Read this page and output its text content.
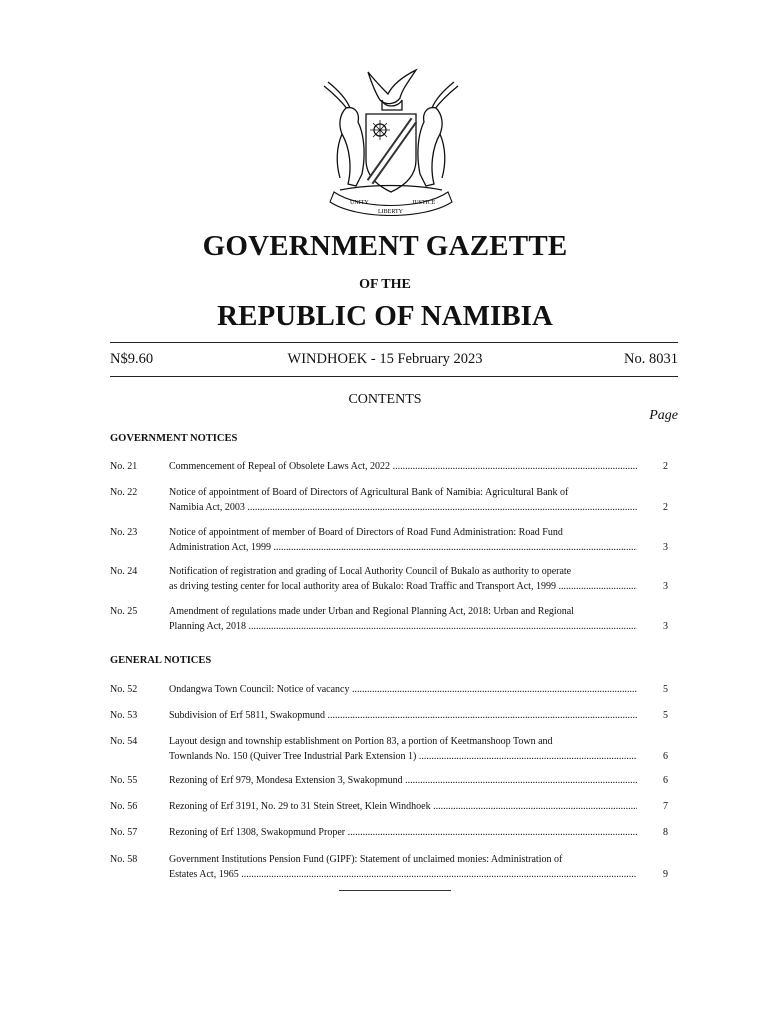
UNITY
LIBERTY
JUSTICE
GOVERNMENT GAZETTE
OF THE
REPUBLIC OF NAMIBIA
N$9.60	WINDHOEK - 15 February 2023	No. 8031
CONTENTS
Page
GOVERNMENT NOTICES
No. 21	Commencement of Repeal of Obsolete Laws Act, 2022 .....	2
No. 22	Notice of appointment of Board of Directors of Agricultural Bank of Namibia: Agricultural Bank of
Namibia Act, 2003 .....	2
No. 23	Notice of appointment of member of Board of Directors of Road Fund Administration: Road Fund
Administration Act, 1999 .....	3
No. 24	Notification of registration and grading of Local Authority Council of Bukalo as authority to operate
as driving testing center for local authority area of Bukalo: Road Traffic and Transport Act, 1999 .....	3
No. 25	Amendment of regulations made under Urban and Regional Planning Act, 2018: Urban and Regional
Planning Act, 2018 .....	3
GENERAL NOTICES
No. 52	Ondangwa Town Council: Notice of vacancy .....	5
No. 53	Subdivision of Erf 5811, Swakopmund .....	5
No. 54	Layout design and township establishment on Portion 83, a portion of Keetmanshoop Town and
Townlands No. 150 (Quiver Tree Industrial Park Extension 1) .....	6
No. 55	Rezoning of Erf 979, Mondesa Extension 3, Swakopmund .....	6
No. 56	Rezoning of Erf 3191, No. 29 to 31 Stein Street, Klein Windhoek .....	7
No. 57	Rezoning of Erf 1308, Swakopmund Proper .....	8
No. 58	Government Institutions Pension Fund (GIPF): Statement of unclaimed monies: Administration of
Estates Act, 1965 .....	9
